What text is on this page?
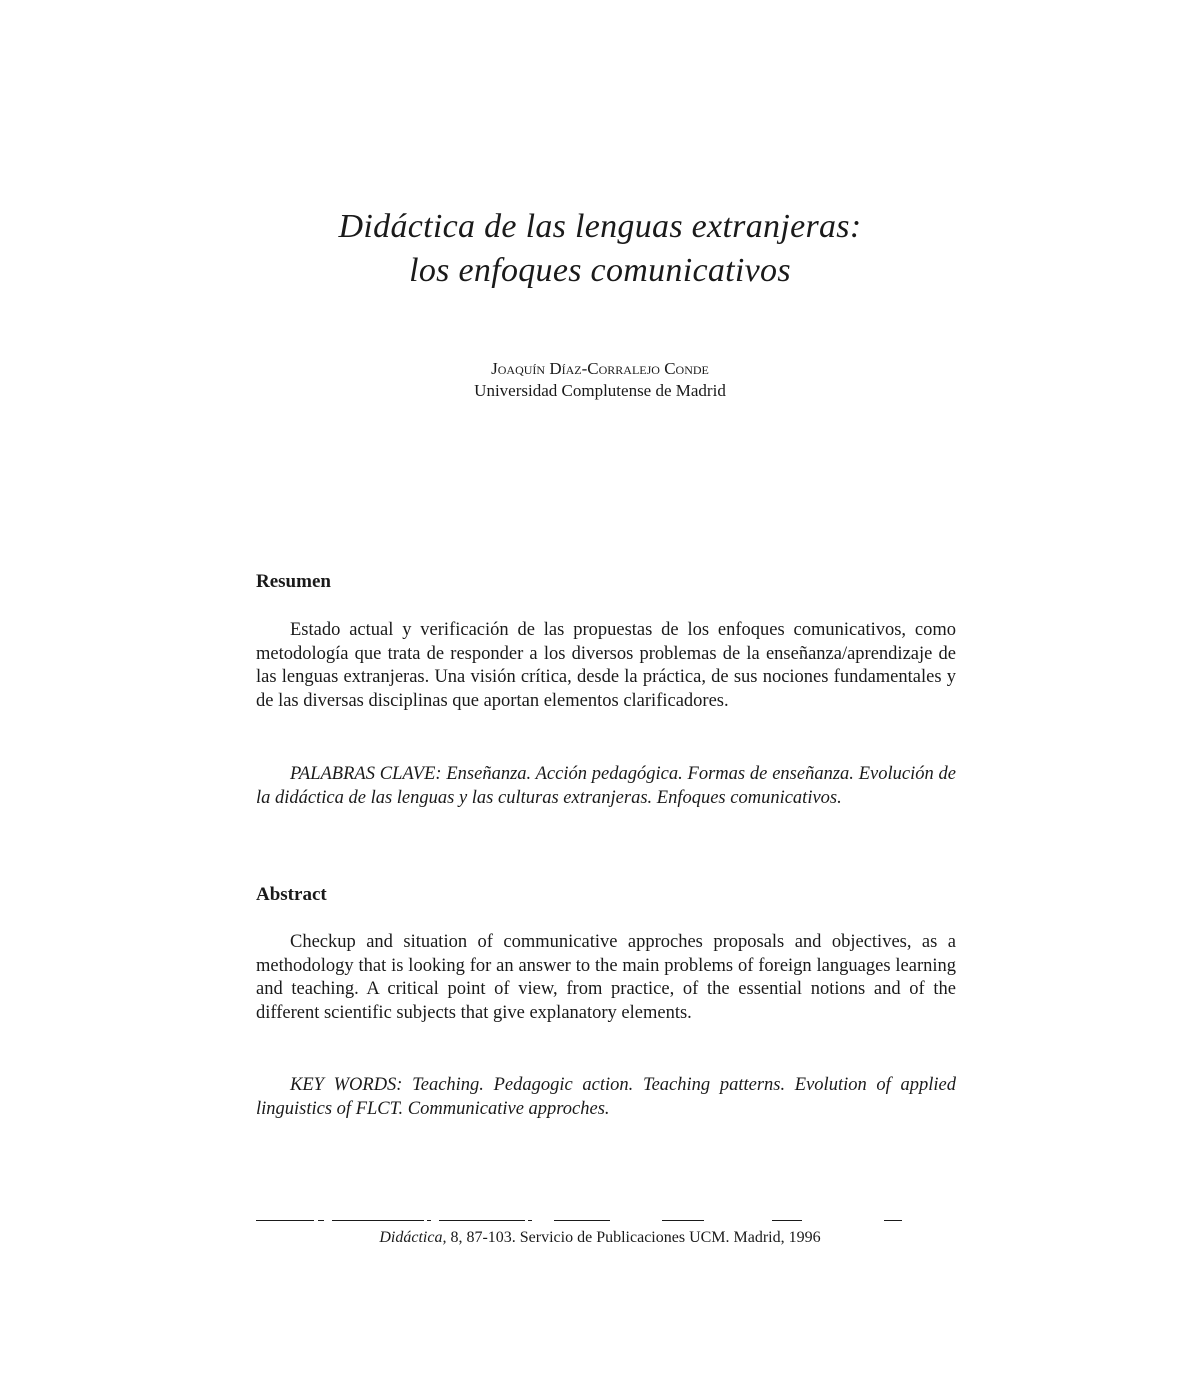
Didáctica de las lenguas extranjeras:
los enfoques comunicativos
Joaquín Díaz-Corralejo Conde
Universidad Complutense de Madrid
Resumen

Estado actual y verificación de las propuestas de los enfoques comunicativos, como metodología que trata de responder a los diversos problemas de la enseñanza/aprendizaje de las lenguas extranjeras. Una visión crítica, desde la práctica, de sus nociones fundamentales y de las diversas disciplinas que aportan elementos clarificadores.

PALABRAS CLAVE: Enseñanza. Acción pedagógica. Formas de enseñanza. Evolución de la didáctica de las lenguas y las culturas extranjeras. Enfoques comunicativos.

Abstract

Checkup and situation of communicative approches proposals and objectives, as a methodology that is looking for an answer to the main problems of foreign languages learning and teaching. A critical point of view, from practice, of the essential notions and of the different scientific subjects that give explanatory elements.

KEY WORDS: Teaching. Pedagogic action. Teaching patterns. Evolution of applied linguistics of FLCT. Communicative approches.

Didáctica, 8, 87-103. Servicio de Publicaciones UCM. Madrid, 1996
